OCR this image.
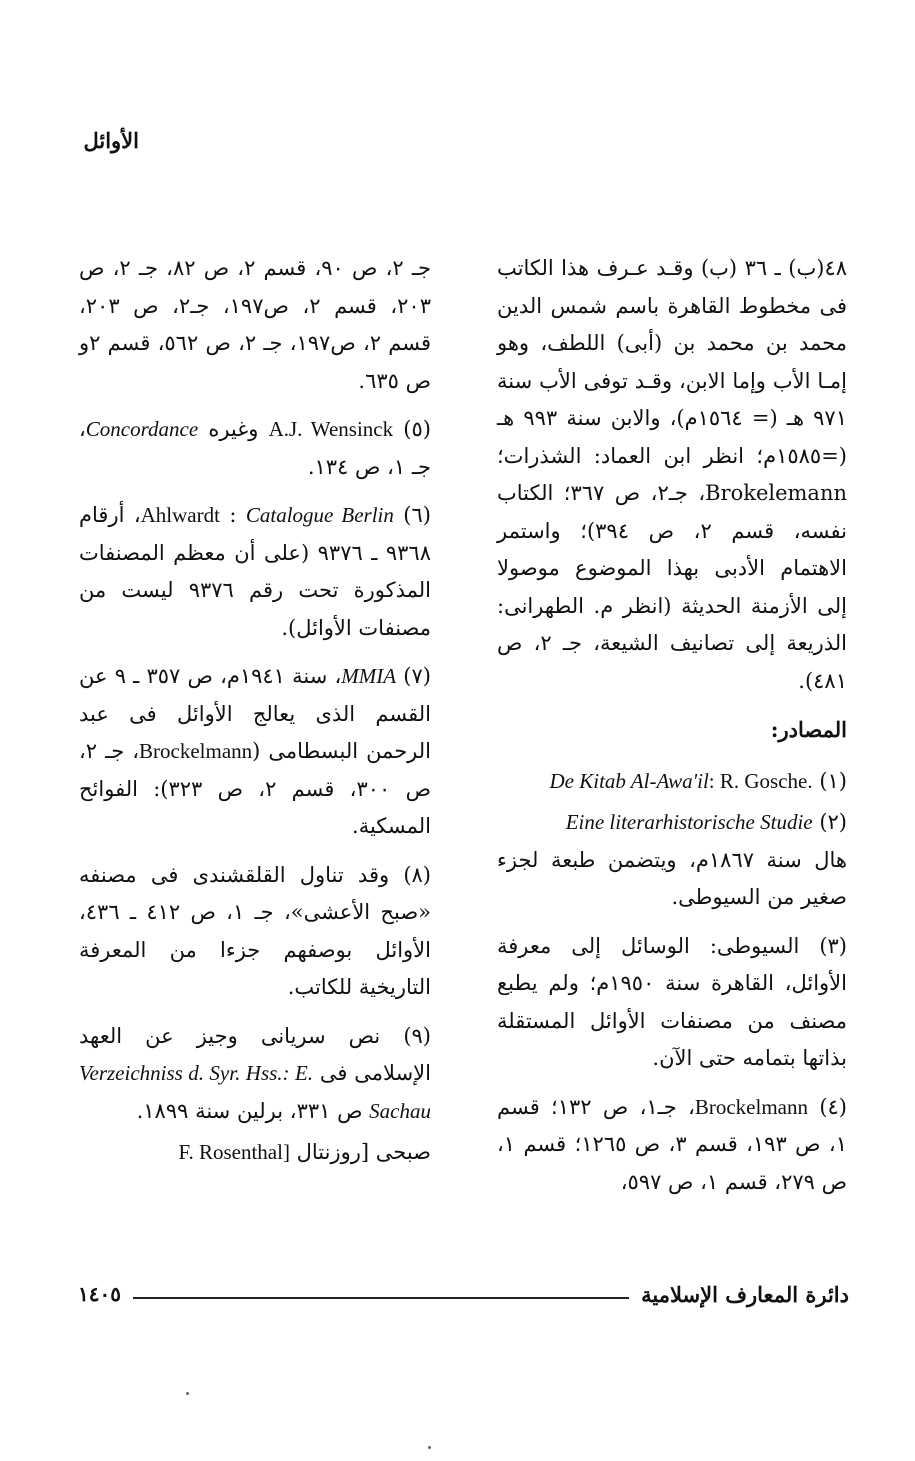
الأوائل

٤٨(ب) ـ ٣٦ (ب) وقـد عـرف هذا الكاتب فى مخطوط القاهرة باسم شمس الدين محمد بن محمد بن (أبى) اللطف، وهو إمـا الأب وإما الابن، وقـد توفى الأب سنة ٩٧١ هـ (= ١٥٦٤م)، والابن سنة ٩٩٣ هـ (=١٥٨٥م؛ انظر ابن العماد: الشذرات؛ Brokelemann، جـ٢، ص ٣٦٧؛ الكتاب نفسه، قسم ٢، ص ٣٩٤)؛ واستمر الاهتمام الأدبى بهذا الموضوع موصولا إلى الأزمنة الحديثة (انظر م. الطهرانى: الذريعة إلى تصانيف الشيعة، جـ ٢، ص ٤٨١).

المصادر:

(١) De Kitab Al-Awa'il: R. Gosche.

(٢) Eine literarhistorische Studie
هال سنة ١٨٦٧م، ويتضمن طبعة لجزء صغير من السيوطى.

(٣) السيوطى: الوسائل إلى معرفة الأوائل، القاهرة سنة ١٩٥٠م؛ ولم يطبع مصنف من مصنفات الأوائل المستقلة بذاتها بتمامه حتى الآن.

(٤) Brockelmann، جـ١، ص ١٣٢؛ قسم ١، ص ١٩٣، قسم ٣، ص ١٢٦٥؛ قسم ١، ص ٢٧٩، قسم ١، ص ٥٩٧،

جـ ٢، ص ٩٠، قسم ٢، ص ٨٢، جـ ٢، ص ٢٠٣، قسم ٢، ص١٩٧، جـ٢، ص ٢٠٣، قسم ٢، ص١٩٧، جـ ٢، ص ٥٦٢، قسم ٢و ص ٦٣٥.

(٥) A.J. Wensinck وغيره Concordance، جـ ١، ص ١٣٤.

(٦) Ahlwardt : Catalogue Berlin، أرقام ٩٣٦٨ ـ ٩٣٧٦ (على أن معظم المصنفات المذكورة تحت رقم ٩٣٧٦ ليست من مصنفات الأوائل).

(٧) MMIA، سنة ١٩٤١م، ص ٣٥٧ ـ ٩ عن القسم الذى يعالج الأوائل فى عبد الرحمن البسطامى (Brockelmann، جـ ٢، ص ٣٠٠، قسم ٢، ص ٣٢٣): الفوائح المسكية.

(٨) وقد تناول القلقشندى فى مصنفه «صبح الأعشى»، جـ ١، ص ٤١٢ ـ ٤٣٦، الأوائل بوصفهم جزءا من المعرفة التاريخية للكاتب.

(٩) نص سريانى وجيز عن العهد الإسلامى فى Verzeichniss d. Syr. Hss.: E. Sachau ص ٣٣١، برلين سنة ١٨٩٩.

صبحى [روزنتال F. Rosenthal]
دائرة المعارف الإسلامية
١٤٠٥
